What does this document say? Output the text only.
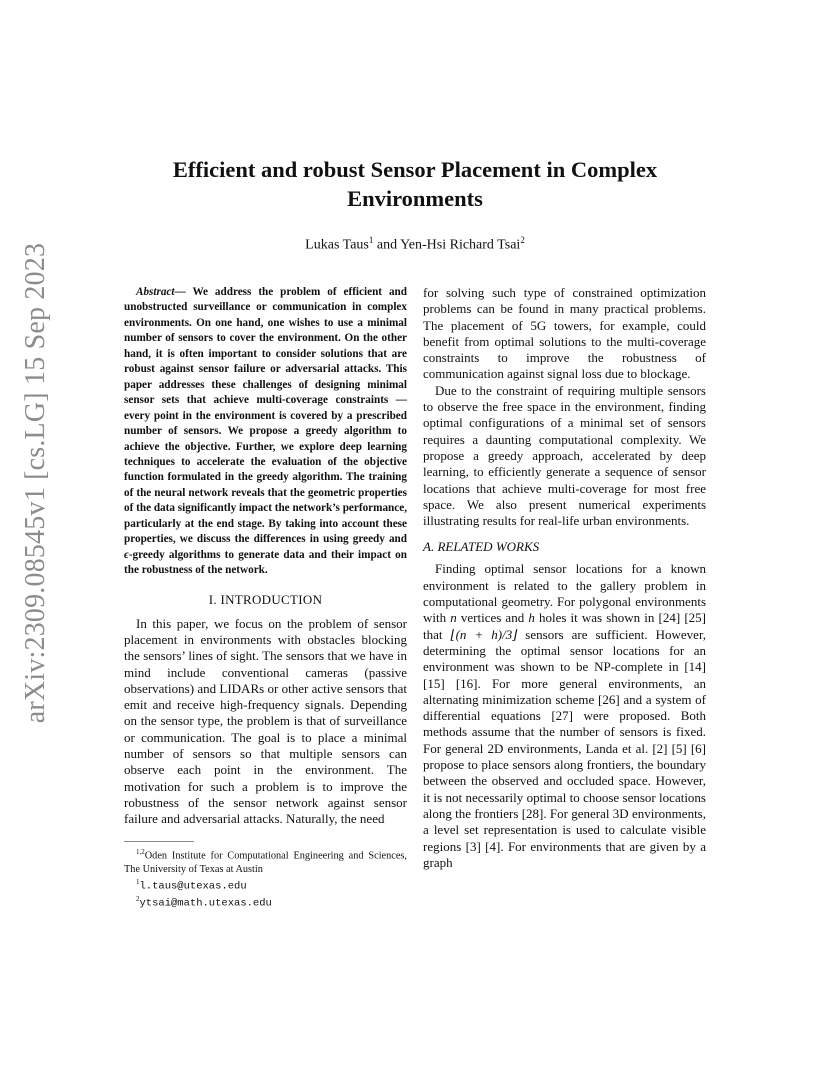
arXiv:2309.08545v1 [cs.LG] 15 Sep 2023
Efficient and robust Sensor Placement in Complex Environments
Lukas Taus$^1$ and Yen-Hsi Richard Tsai$^2$

Abstract— We address the problem of efficient and unobstructed surveillance or communication in complex environments. On one hand, one wishes to use a minimal number of sensors to cover the environment. On the other hand, it is often important to consider solutions that are robust against sensor failure or adversarial attacks. This paper addresses these challenges of designing minimal sensor sets that achieve multi-coverage constraints — every point in the environment is covered by a prescribed number of sensors. We propose a greedy algorithm to achieve the objective. Further, we explore deep learning techniques to accelerate the evaluation of the objective function formulated in the greedy algorithm. The training of the neural network reveals that the geometric properties of the data significantly impact the network’s performance, particularly at the end stage. By taking into account these properties, we discuss the differences in using greedy and ϵ-greedy algorithms to generate data and their impact on the robustness of the network.

I. INTRODUCTION

In this paper, we focus on the problem of sensor placement in environments with obstacles blocking the sensors’ lines of sight. The sensors that we have in mind include conventional cameras (passive observations) and LIDARs or other active sensors that emit and receive high-frequency signals. Depending on the sensor type, the problem is that of surveillance or communication. The goal is to place a minimal number of sensors so that multiple sensors can observe each point in the environment. The motivation for such a problem is to improve the robustness of the sensor network against sensor failure and adversarial attacks. Naturally, the need

$^{1,2}$Oden Institute for Computational Engineering and Sciences, The University of Texas at Austin

$^1$l.taus@utexas.edu

$^2$ytsai@math.utexas.edu

for solving such type of constrained optimization problems can be found in many practical problems. The placement of 5G towers, for example, could benefit from optimal solutions to the multi-coverage constraints to improve the robustness of communication against signal loss due to blockage.

Due to the constraint of requiring multiple sensors to observe the free space in the environment, finding optimal configurations of a minimal set of sensors requires a daunting computational complexity. We propose a greedy approach, accelerated by deep learning, to efficiently generate a sequence of sensor locations that achieve multi-coverage for most free space. We also present numerical experiments illustrating results for real-life urban environments.

A. RELATED WORKS

Finding optimal sensor locations for a known environment is related to the gallery problem in computational geometry. For polygonal environments with n vertices and h holes it was shown in [24] [25] that ⌊(n + h)/3⌋ sensors are sufficient. However, determining the optimal sensor locations for an environment was shown to be NP-complete in [14] [15] [16]. For more general environments, an alternating minimization scheme [26] and a system of differential equations [27] were proposed. Both methods assume that the number of sensors is fixed. For general 2D environments, Landa et al. [2] [5] [6] propose to place sensors along frontiers, the boundary between the observed and occluded space. However, it is not necessarily optimal to choose sensor locations along the frontiers [28]. For general 3D environments, a level set representation is used to calculate visible regions [3] [4]. For environments that are given by a graph
